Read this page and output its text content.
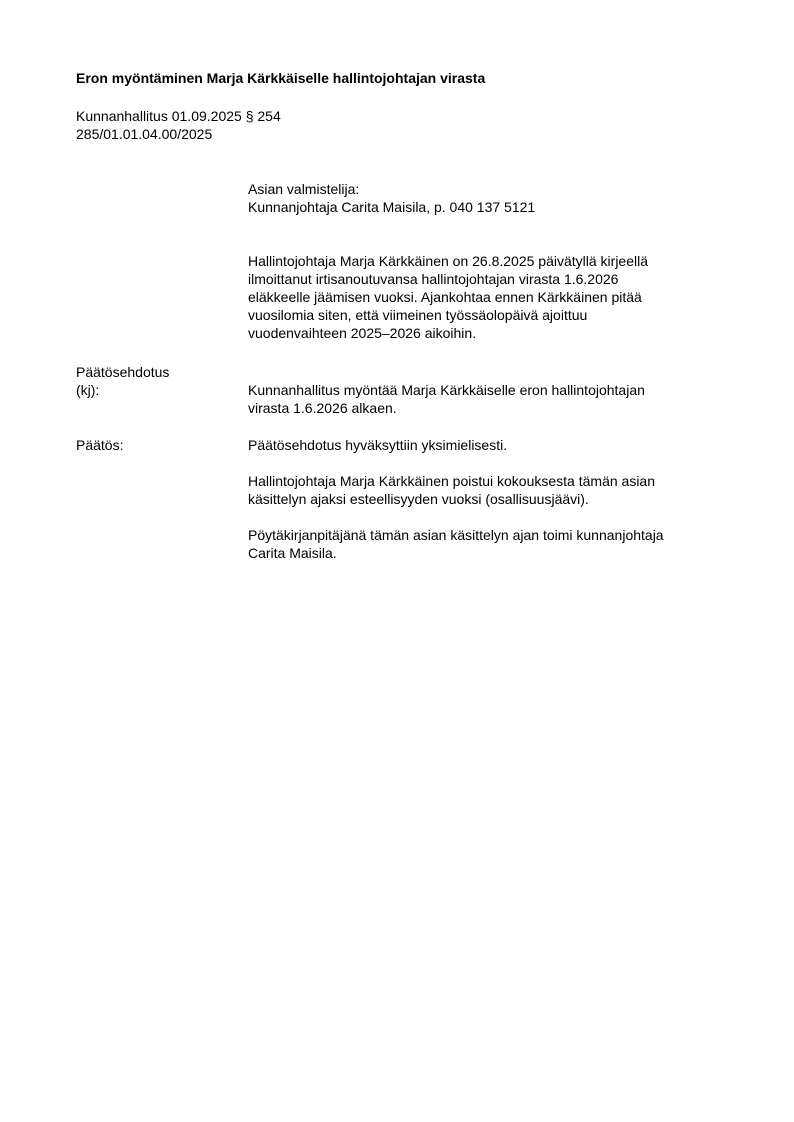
Eron myöntäminen Marja Kärkkäiselle hallintojohtajan virasta
Kunnanhallitus 01.09.2025 § 254
285/01.01.04.00/2025

Asian valmistelija:

Kunnanjohtaja Carita Maisila, p. 040 137 5121

Hallintojohtaja Marja Kärkkäinen on 26.8.2025 päivätyllä kirjeellä

ilmoittanut irtisanoutuvansa hallintojohtajan virasta 1.6.2026

eläkkeelle jäämisen vuoksi. Ajankohtaa ennen Kärkkäinen pitää

vuosilomia siten, että viimeinen työssäolopäivä ajoittuu

vuodenvaihteen 2025–2026 aikoihin.

Päätösehdotus
(kj):	Kunnanhallitus myöntää Marja Kärkkäiselle eron hallintojohtajan

virasta 1.6.2026 alkaen.

Päätös:	Päätösehdotus hyväksyttiin yksimielisesti.

Hallintojohtaja Marja Kärkkäinen poistui kokouksesta tämän asian
käsittelyn ajaksi esteellisyyden vuoksi (osallisuusjäävi).

Pöytäkirjanpitäjänä tämän asian käsittelyn ajan toimi kunnanjohtaja
Carita Maisila.
